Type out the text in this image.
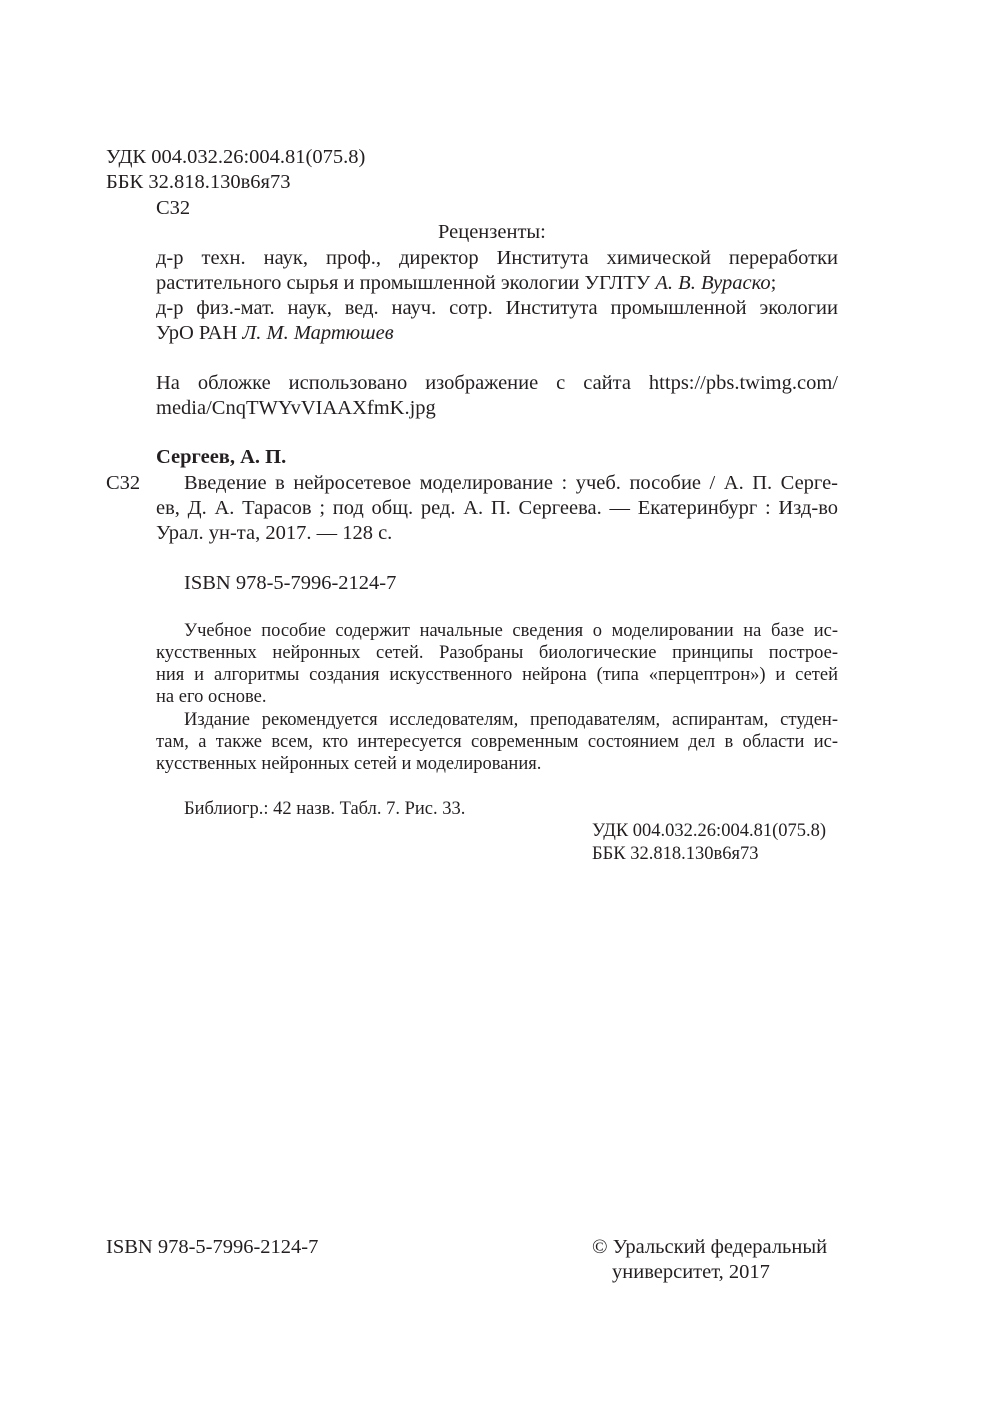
УДК 004.032.26:004.81(075.8)
ББК 32.818.130в6я73
С32
Рецензенты:
д-р техн. наук, проф., директор Института химической переработки
растительного сырья и промышленной экологии УГЛТУ А. В. Вураско;
д-р физ.-мат. наук, вед. науч. сотр. Института промышленной экологии
УрО РАН Л. М. Мартюшев
На обложке использовано изображение с сайта https://pbs.twimg.com/
media/CnqTWYvVIAAXfmK.jpg
Сергеев, А. П.
С32 Введение в нейросетевое моделирование : учеб. пособие / А. П. Серге-
ев, Д. А. Тарасов ; под общ. ред. А. П. Сергеева. — Екатеринбург : Изд-во
Урал. ун-та, 2017. — 128 с.
ISBN 978-5-7996-2124-7
Учебное пособие содержит начальные сведения о моделировании на базе ис-
кусственных нейронных сетей. Разобраны биологические принципы построе-
ния и алгоритмы создания искусственного нейрона (типа «перцептрон») и сетей
на его основе.
Издание рекомендуется исследователям, преподавателям, аспирантам, студен-
там, а также всем, кто интересуется современным состоянием дел в области ис-
кусственных нейронных сетей и моделирования.
Библиогр.: 42 назв. Табл. 7. Рис. 33.
УДК 004.032.26:004.81(075.8)
ББК 32.818.130в6я73
ISBN 978-5-7996-2124-7	© Уральский федеральный
университет, 2017
